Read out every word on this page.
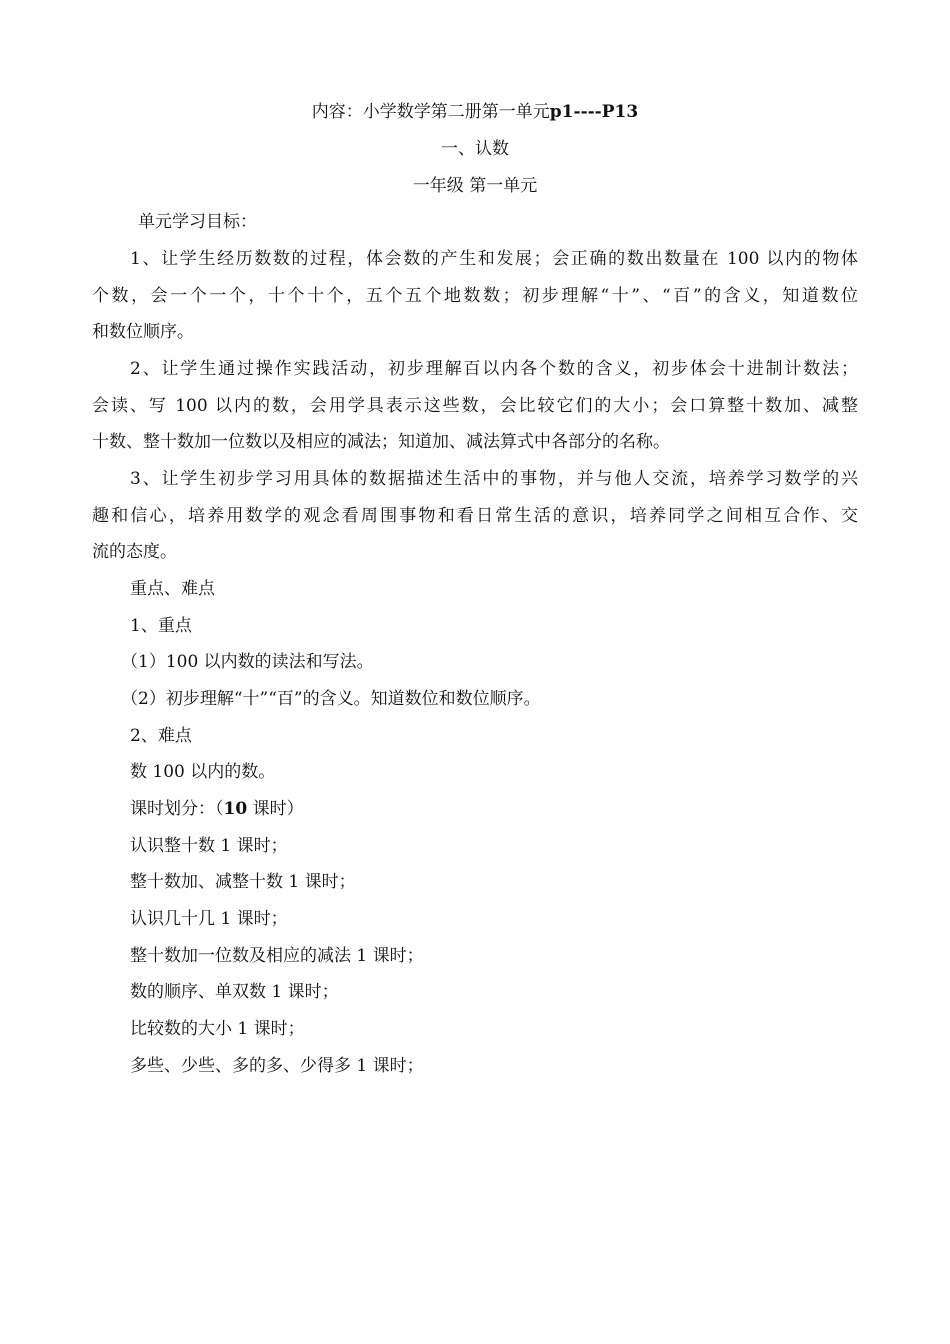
内容：小学数学第二册第一单元p1----P13
一、认数
一年级 第一单元
单元学习目标：
1、让学生经历数数的过程，体会数的产生和发展；会正确的数出数量在 100 以内的物体
个数，会一个一个，十个十个，五个五个地数数；初步理解“十”、“百”的含义，知道数位
和数位顺序。
2、让学生通过操作实践活动，初步理解百以内各个数的含义，初步体会十进制计数法；
会读、写 100 以内的数，会用学具表示这些数，会比较它们的大小；会口算整十数加、减整
十数、整十数加一位数以及相应的减法；知道加、减法算式中各部分的名称。
3、让学生初步学习用具体的数据描述生活中的事物，并与他人交流，培养学习数学的兴
趣和信心，培养用数学的观念看周围事物和看日常生活的意识，培养同学之间相互合作、交
流的态度。
重点、难点
1、重点
（1）100 以内数的读法和写法。
（2）初步理解“十”“百”的含义。知道数位和数位顺序。
2、难点
数 100 以内的数。
课时划分：（10 课时）
认识整十数 1 课时；
整十数加、减整十数 1 课时；
认识几十几 1 课时；
整十数加一位数及相应的减法 1 课时；
数的顺序、单双数 1 课时；
比较数的大小 1 课时；
多些、少些、多的多、少得多 1 课时；
